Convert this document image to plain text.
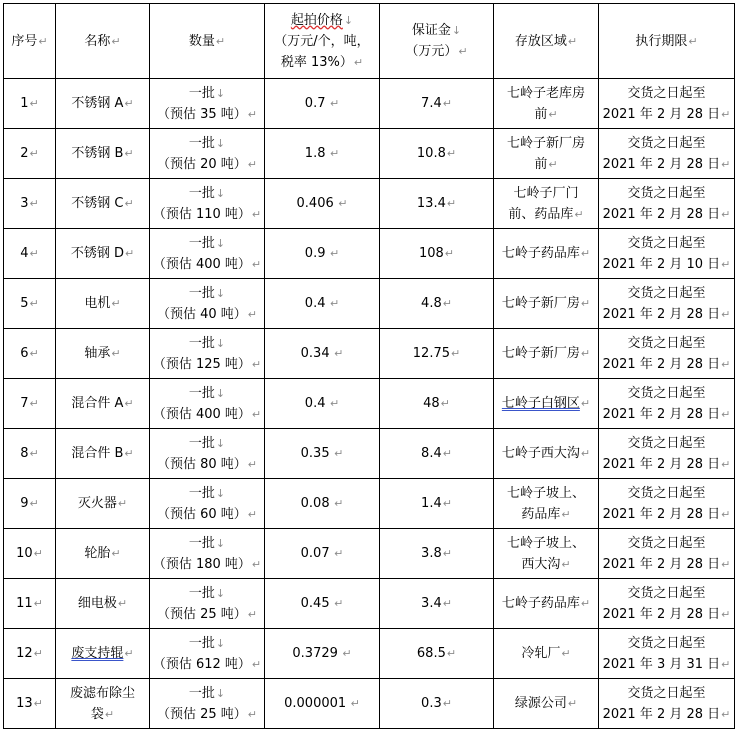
序号↵	名称↵	数量↵	起拍价格↓
（万元/个，吨，
税率 13%）↵	保证金↓
（万元）↵	存放区域↵	执行期限↵
1↵	不锈钢 A↵	一批↓
（预估 35 吨）↵	0.7 ↵	7.4↵	七岭子老库房
前↵	交货之日起至
2021 年 2 月 28 日↵

2↵	不锈钢 B↵	一批↓
（预估 20 吨）↵	1.8 ↵	10.8↵	七岭子新厂房
前↵	交货之日起至
2021 年 2 月 28 日↵

3↵	不锈钢 C↵	一批↓
（预估 110 吨）↵	0.406 ↵	13.4↵	七岭子厂门
前、药品库↵	交货之日起至
2021 年 2 月 28 日↵

4↵	不锈钢 D↵	一批↓
（预估 400 吨）↵	0.9 ↵	108↵	七岭子药品库↵	交货之日起至
2021 年 2 月 10 日↵

5↵	电机↵	一批↓
（预估 40 吨）↵	0.4 ↵	4.8↵	七岭子新厂房↵	交货之日起至
2021 年 2 月 28 日↵

6↵	轴承↵	一批↓
（预估 125 吨）↵	0.34 ↵	12.75↵	七岭子新厂房↵	交货之日起至
2021 年 2 月 28 日↵

7↵	混合件 A↵	一批↓
（预估 400 吨）↵	0.4 ↵	48↵	七岭子白钢区↵	交货之日起至
2021 年 2 月 28 日↵

8↵	混合件 B↵	一批↓
（预估 80 吨）↵	0.35 ↵	8.4↵	七岭子西大沟↵	交货之日起至
2021 年 2 月 28 日↵

9↵	灭火器↵	一批↓
（预估 60 吨）↵	0.08 ↵	1.4↵	七岭子坡上、
药品库↵	交货之日起至
2021 年 2 月 28 日↵

10↵	轮胎↵	一批↓
（预估 180 吨）↵	0.07 ↵	3.8↵	七岭子坡上、
西大沟↵	交货之日起至
2021 年 2 月 28 日↵

11↵	细电极↵	一批↓
（预估 25 吨）↵	0.45 ↵	3.4↵	七岭子药品库↵	交货之日起至
2021 年 2 月 28 日↵

12↵	废支持辊↵	一批↓
（预估 612 吨）↵	0.3729 ↵	68.5↵	冷轧厂↵	交货之日起至
2021 年 3 月 31 日↵

13↵	废滤布除尘
袋↵	一批↓
（预估 25 吨）↵	0.000001 ↵	0.3↵	绿源公司↵	交货之日起至
2021 年 2 月 28 日↵
